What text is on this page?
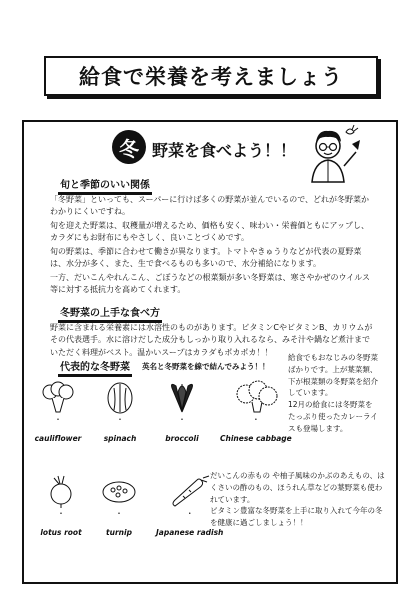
給食で栄養を考えましょう
冬 野菜を食べよう！！
旬と季節のいい関係

「冬野菜」といっても、スーパーに行けば多くの野菜が並んでいるので、どれが冬野菜かわかりにくいですね。

旬を迎えた野菜は、収穫量が増えるため、価格も安く、味わい・栄養価ともにアップし、カラダにもお財布にもやさしく、良いことづくめです。

旬の野菜は、季節に合わせて働きが異なります。トマトやきゅうりなどが代表の夏野菜は、水分が多く、また、生で食べるものも多いので、水分補給になります。

一方、だいこんやれんこん、ごぼうなどの根菜類が多い冬野菜は、寒さやかぜのウイルス等に対する抵抗力を高めてくれます。

冬野菜の上手な食べ方

野菜に含まれる栄養素には水溶性のものがあります。ビタミンCやビタミンB、カリウムがその代表選手。水に溶けだした成分もしっかり取り入れるなら、みそ汁や鍋など煮汁までいただく料理がベスト。温かいスープはカラダもポカポカ！！

代表的な冬野菜 英名と冬野菜を線で結んでみよう！！
・
cauliflower
・
spinach
・
broccoli
・
Chinese cabbage
・
lotus root
・
turnip
・
Japanese radish

給食でもおなじみの冬野菜ばかりです。上が葉菜類、下が根菜類の冬野菜を紹介しています。
12月の給食には冬野菜をたっぷり使ったカレーライスも登場します。

だいこんの赤もの や柚子風味のかぶのあえもの、はくさいの酢のもの、ほうれん草などの葉野菜も使われています。
ビタミン豊富な冬野菜を上手に取り入れて今年の冬を健康に過ごしましょう！！
